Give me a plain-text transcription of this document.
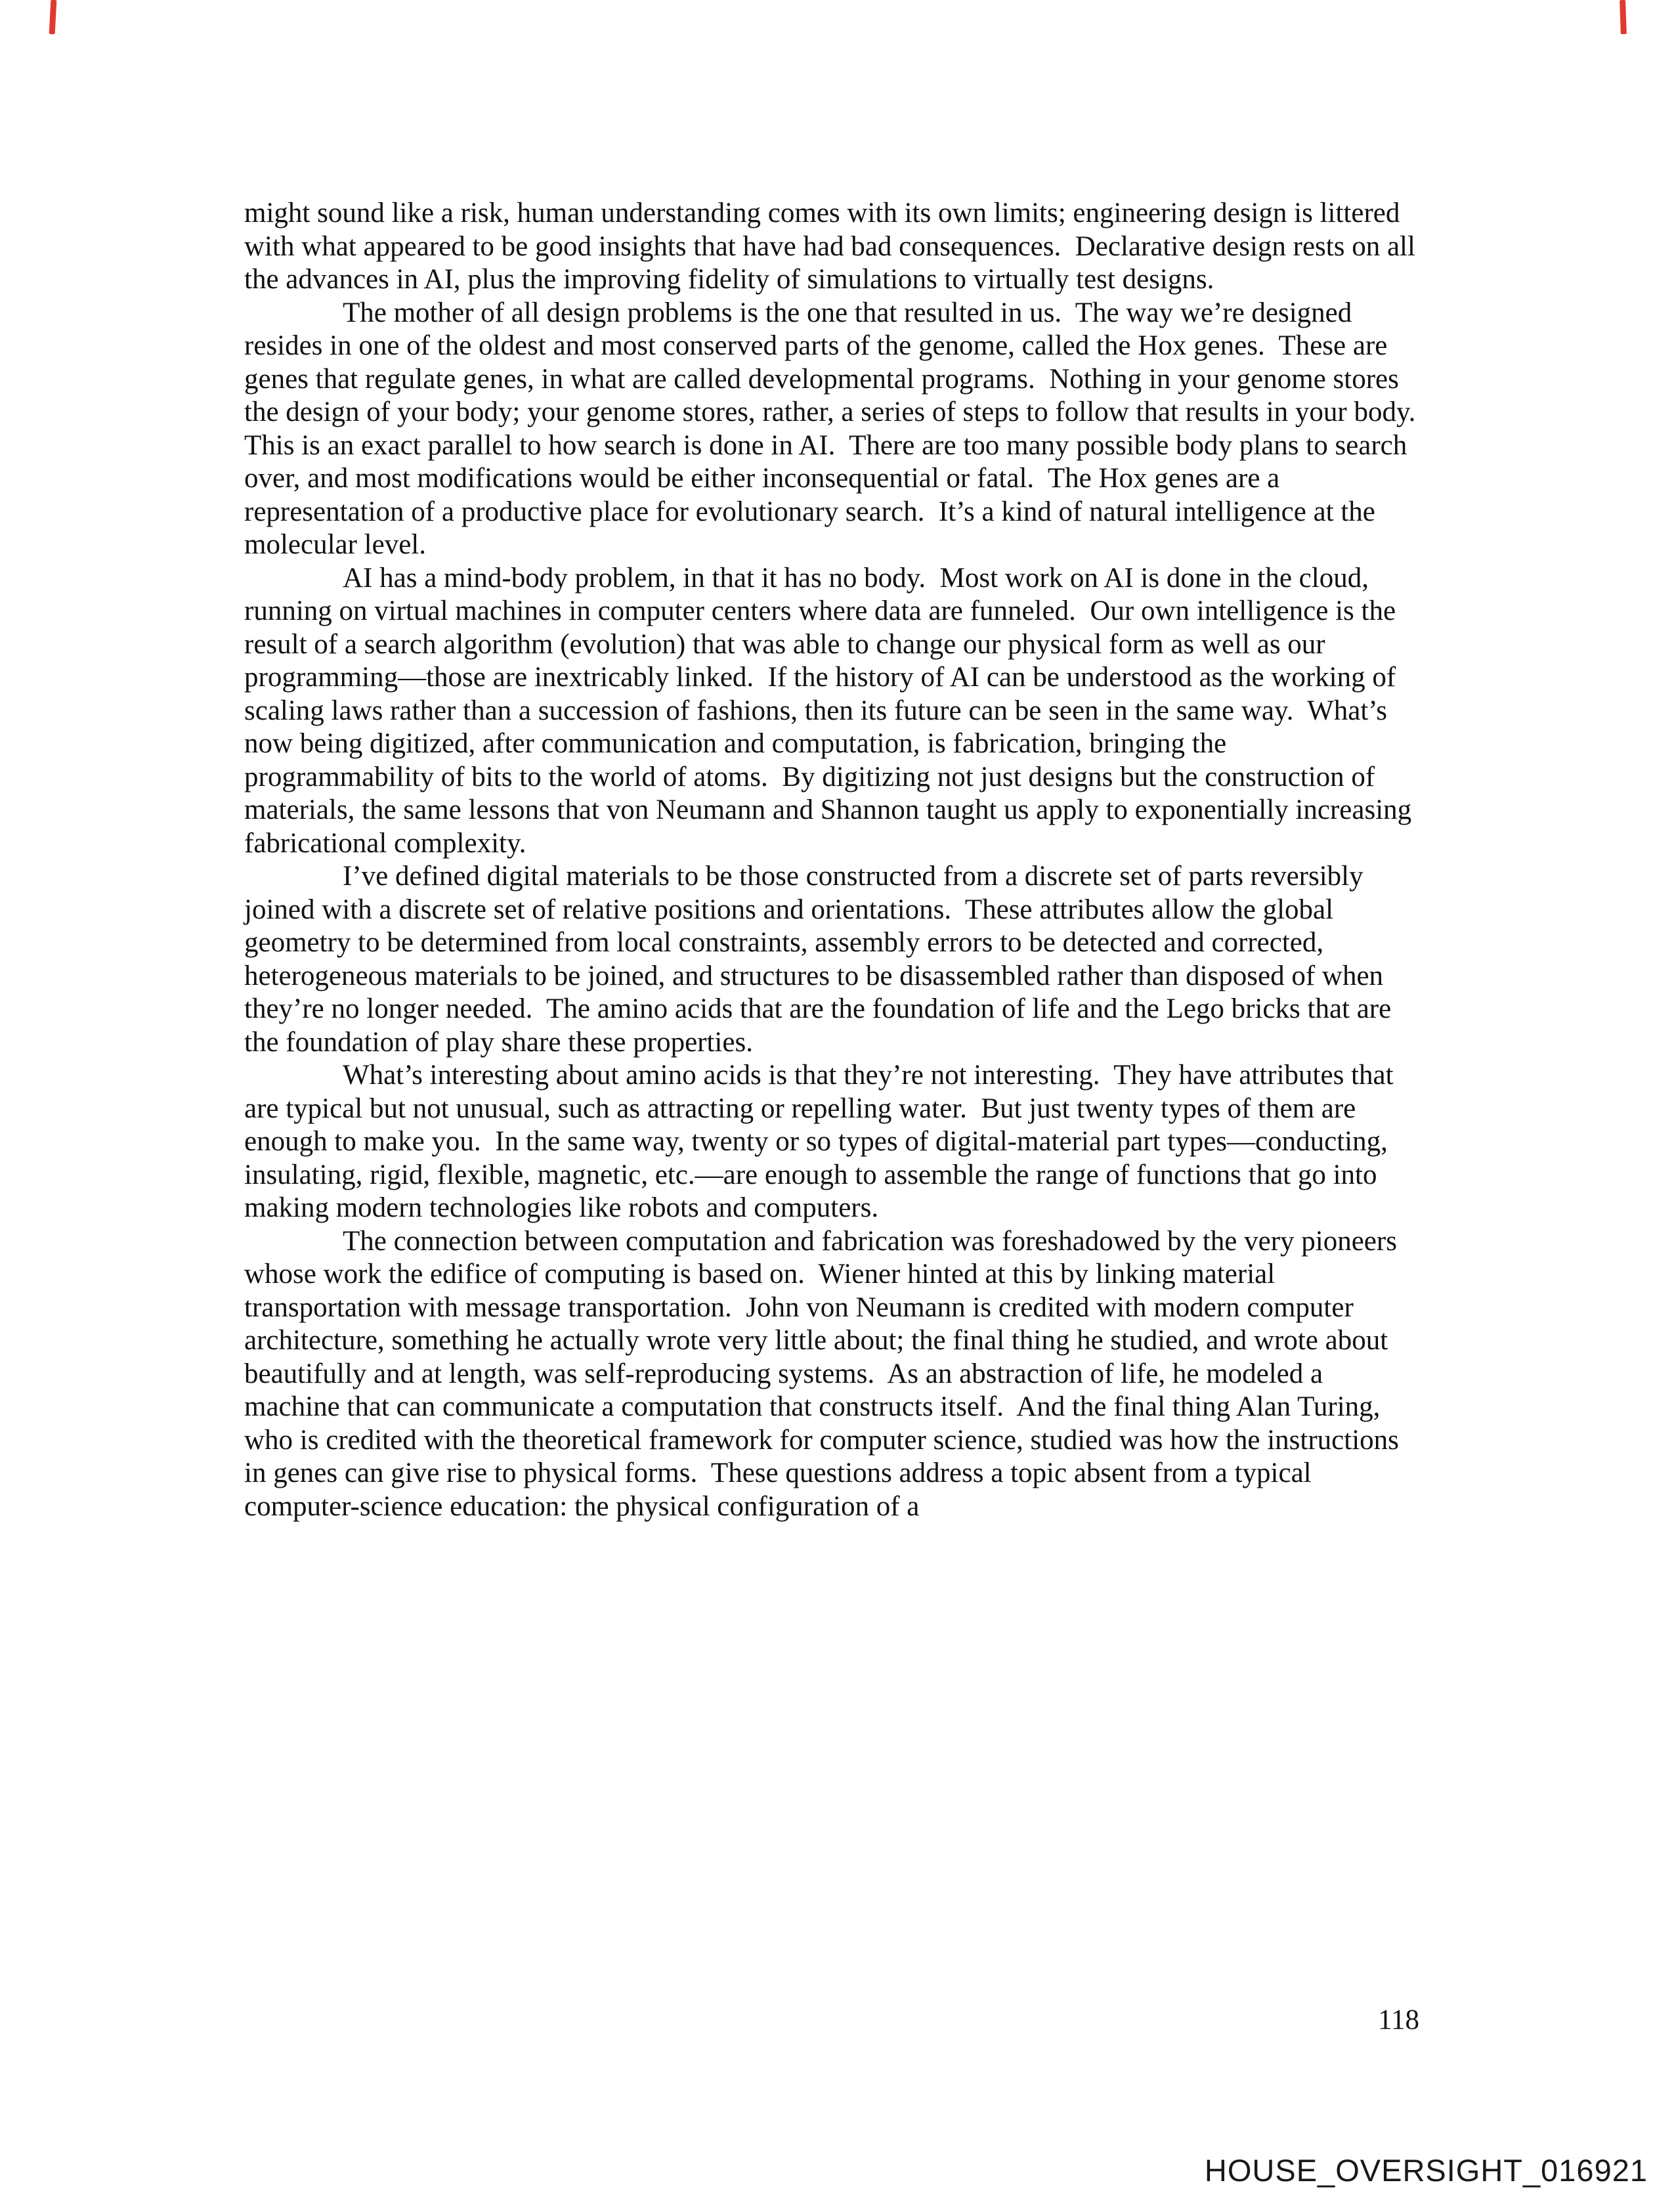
might sound like a risk, human understanding comes with its own limits; engineering design is littered with what appeared to be good insights that have had bad consequences.  Declarative design rests on all the advances in AI, plus the improving fidelity of simulations to virtually test designs.

The mother of all design problems is the one that resulted in us.  The way we’re designed resides in one of the oldest and most conserved parts of the genome, called the Hox genes.  These are genes that regulate genes, in what are called developmental programs.  Nothing in your genome stores the design of your body; your genome stores, rather, a series of steps to follow that results in your body.  This is an exact parallel to how search is done in AI.  There are too many possible body plans to search over, and most modifications would be either inconsequential or fatal.  The Hox genes are a representation of a productive place for evolutionary search.  It’s a kind of natural intelligence at the molecular level.

AI has a mind-body problem, in that it has no body.  Most work on AI is done in the cloud, running on virtual machines in computer centers where data are funneled.  Our own intelligence is the result of a search algorithm (evolution) that was able to change our physical form as well as our programming—those are inextricably linked.  If the history of AI can be understood as the working of scaling laws rather than a succession of fashions, then its future can be seen in the same way.  What’s now being digitized, after communication and computation, is fabrication, bringing the programmability of bits to the world of atoms.  By digitizing not just designs but the construction of materials, the same lessons that von Neumann and Shannon taught us apply to exponentially increasing fabricational complexity.

I’ve defined digital materials to be those constructed from a discrete set of parts reversibly joined with a discrete set of relative positions and orientations.  These attributes allow the global geometry to be determined from local constraints, assembly errors to be detected and corrected, heterogeneous materials to be joined, and structures to be disassembled rather than disposed of when they’re no longer needed.  The amino acids that are the foundation of life and the Lego bricks that are the foundation of play share these properties.

What’s interesting about amino acids is that they’re not interesting.  They have attributes that are typical but not unusual, such as attracting or repelling water.  But just twenty types of them are enough to make you.  In the same way, twenty or so types of digital-material part types—conducting, insulating, rigid, flexible, magnetic, etc.—are enough to assemble the range of functions that go into making modern technologies like robots and computers.

The connection between computation and fabrication was foreshadowed by the very pioneers whose work the edifice of computing is based on.  Wiener hinted at this by linking material transportation with message transportation.  John von Neumann is credited with modern computer architecture, something he actually wrote very little about; the final thing he studied, and wrote about beautifully and at length, was self-reproducing systems.  As an abstraction of life, he modeled a machine that can communicate a computation that constructs itself.  And the final thing Alan Turing, who is credited with the theoretical framework for computer science, studied was how the instructions in genes can give rise to physical forms.  These questions address a topic absent from a typical computer-science education: the physical configuration of a

118
HOUSE_OVERSIGHT_016921
